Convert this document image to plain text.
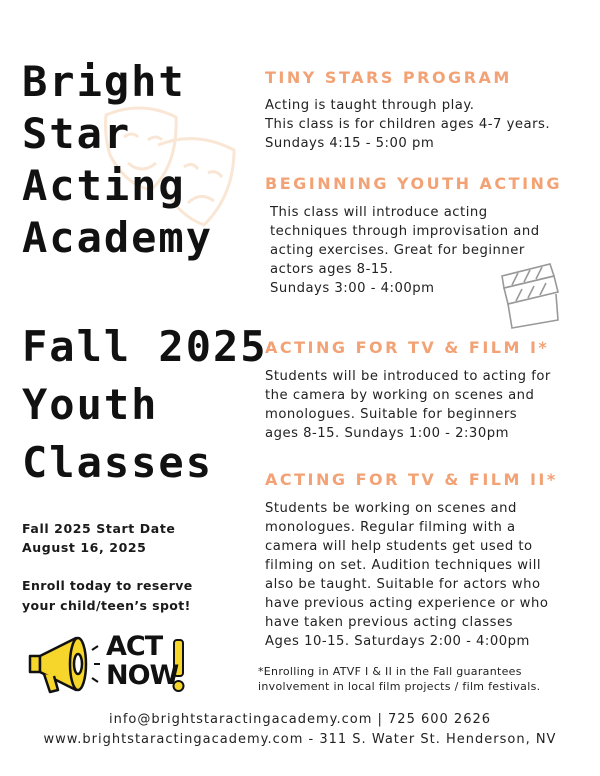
Bright
Star
Acting
Academy
Fall 2025
Youth
Classes
Fall 2025 Start Date
August 16, 2025
Enroll today to reserve
your child/teen’s spot!
ACT
NOW
TINY STARS PROGRAM
Acting is taught through play.
This class is for children ages 4-7 years.
Sundays 4:15 - 5:00 pm
BEGINNING YOUTH ACTING
This class will introduce acting
techniques through improvisation and
acting exercises. Great for beginner
actors ages 8-15.
Sundays 3:00 - 4:00pm
ACTING FOR TV & FILM I*
Students will be introduced to acting for
the camera by working on scenes and
monologues. Suitable for beginners
ages 8-15. Sundays 1:00 - 2:30pm
ACTING FOR TV & FILM II*
Students be working on scenes and
monologues. Regular filming with a
camera will help students get used to
filming on set. Audition techniques will
also be taught. Suitable for actors who
have previous acting experience or who
have taken previous acting classes
Ages 10-15. Saturdays 2:00 - 4:00pm
*Enrolling in ATVF I & II in the Fall guarantees
involvement in local film projects / film festivals.
info@brightstaractingacademy.com | 725 600 2626
www.brightstaractingacademy.com - 311 S. Water St. Henderson, NV
